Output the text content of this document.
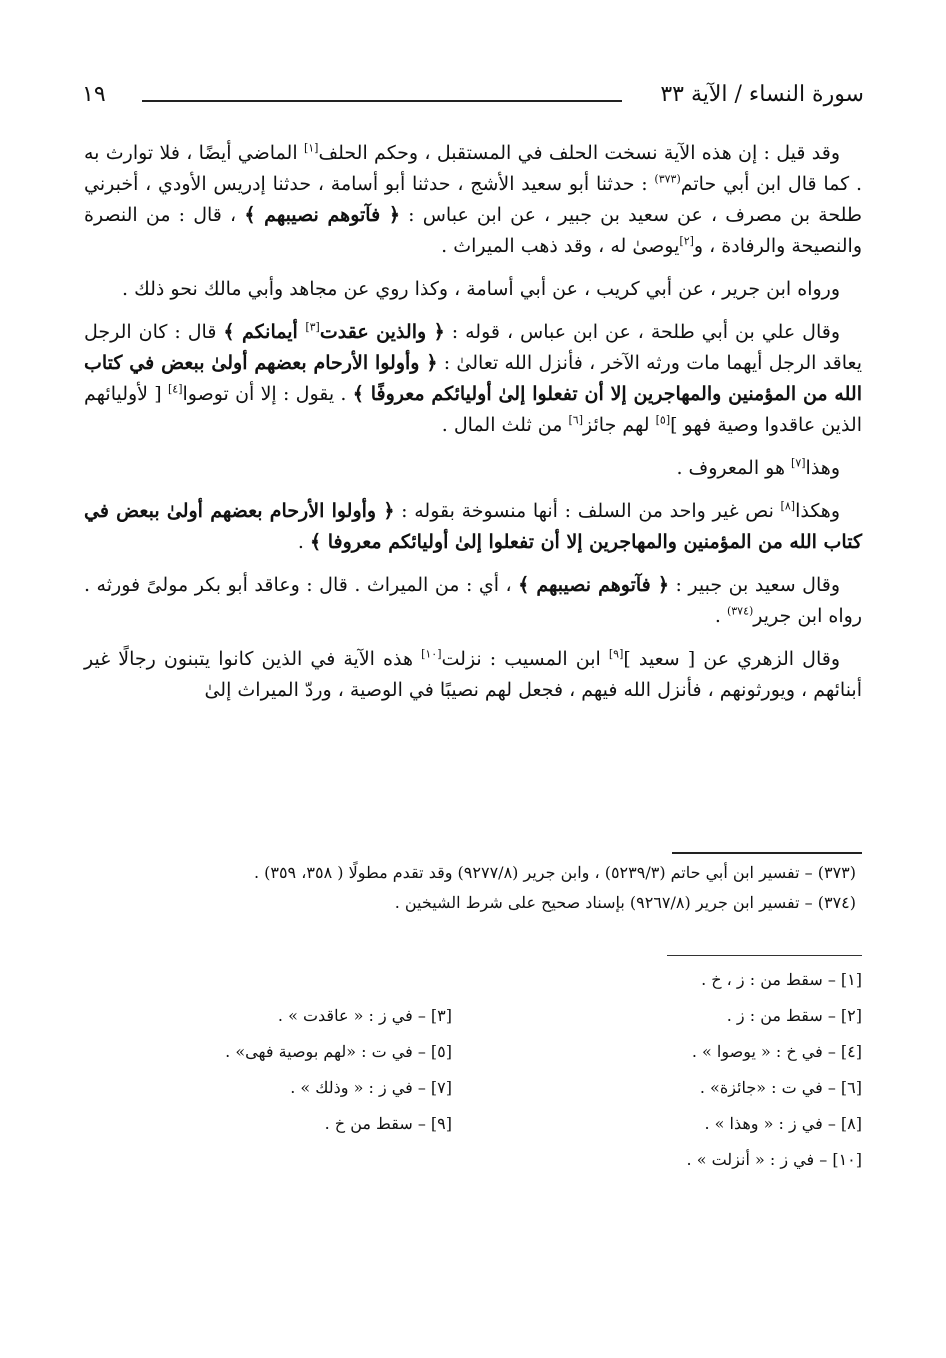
سورة النساء / الآية ٣٣
١٩

وقد قيل : إن هذه الآية نسخت الحلف في المستقبل ، وحكم الحلف[١] الماضي أيضًا ، فلا توارث به . كما قال ابن أبي حاتم$^{(٣٧٣)}$ : حدثنا أبو سعيد الأشج ، حدثنا أبو أسامة ، حدثنا إدريس الأودي ، أخبرني طلحة بن مصرف ، عن سعيد بن جبير ، عن ابن عباس : ﴿ فآتوهم نصيبهم ﴾ ، قال : من النصرة والنصيحة والرفادة ، و[٢]يوصىٰ له ، وقد ذهب الميراث .

ورواه ابن جرير ، عن أبي كريب ، عن أبي أسامة ، وكذا روي عن مجاهد وأبي مالك نحو ذلك .

وقال علي بن أبي طلحة ، عن ابن عباس ، قوله : ﴿ والذين عقدت[٣] أيمانكم ﴾ قال : كان الرجل يعاقد الرجل أيهما مات ورثه الآخر ، فأنزل الله تعالىٰ : ﴿ وأولوا الأرحام بعضهم أولىٰ ببعض في كتاب الله من المؤمنين والمهاجرين إلا أن تفعلوا إلىٰ أوليائكم معروفًا ﴾ . يقول : إلا أن توصوا[٤] [ لأوليائهم الذين عاقدوا وصية فهو ][٥] لهم جائز[٦] من ثلث المال .

وهذا[٧] هو المعروف .

وهكذا[٨] نص غير واحد من السلف : أنها منسوخة بقوله : ﴿ وأولوا الأرحام بعضهم أولىٰ ببعض في كتاب الله من المؤمنين والمهاجرين إلا أن تفعلوا إلىٰ أوليائكم معروفا ﴾ .

وقال سعيد بن جبير : ﴿ فآتوهم نصيبهم ﴾ ، أي : من الميراث . قال : وعاقد أبو بكر مولىً فورثه . رواه ابن جرير$^{(٣٧٤)}$ .

وقال الزهري عن [ سعيد ][٩] ابن المسيب : نزلت[١٠] هذه الآية في الذين كانوا يتبنون رجالًا غير أبنائهم ، ويورثونهم ، فأنزل الله فيهم ، فجعل لهم نصيبًا في الوصية ، وردّ الميراث إلىٰ

(٣٧٣) – تفسير ابن أبي حاتم (٥٢٣٩/٣) ، وابن جرير (٩٢٧٧/٨) وقد تقدم مطولًا ( ٣٥٨، ٣٥٩) .
(٣٧٤) – تفسير ابن جرير (٩٢٦٧/٨) بإسناد صحيح على شرط الشيخين .
[١] – سقط من : ز ، خ .
[٢] – سقط من : ز .
[٤] – في خ : « يوصوا » .
[٦] – في ت : «جائزة» .
[٨] – في ز : « وهذا » .
[١٠] – في ز : « أنزلت » .
[٣] – في ز : « عاقدت » .
[٥] – في ت : «لهم بوصية فهى» .
[٧] – في ز : « وذلك » .
[٩] – سقط من خ .
